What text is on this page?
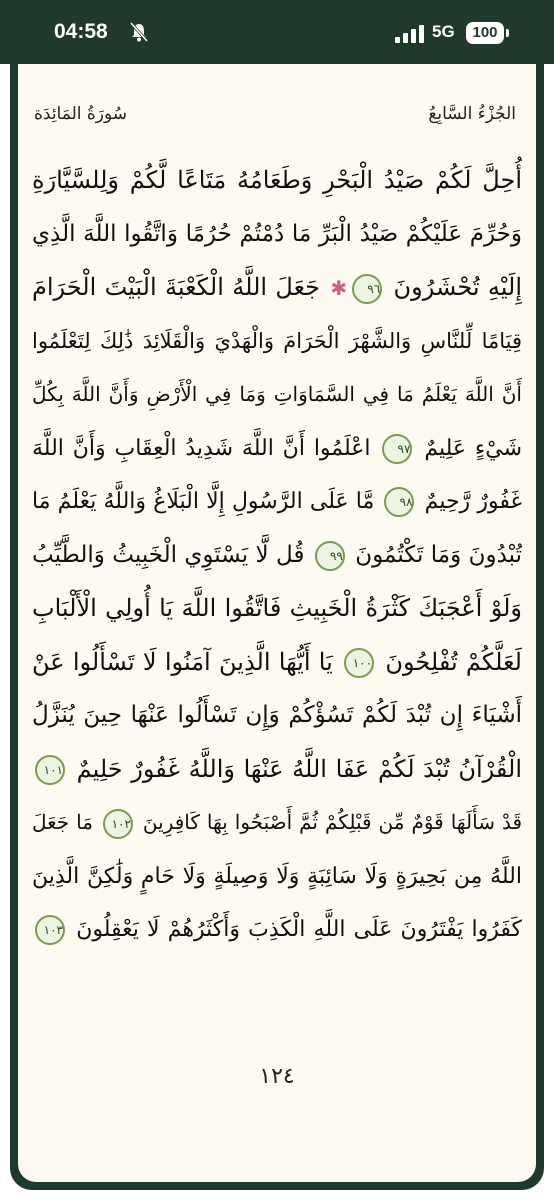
04:58	5G	100
الجُزْءُ السَّابِعُ
سُورَةُ المَائِدَة
أُحِلَّ لَكُمْ صَيْدُ الْبَحْرِ وَطَعَامُهُ مَتَاعًا لَّكُمْ وَلِلسَّيَّارَةِ
وَحُرِّمَ عَلَيْكُمْ صَيْدُ الْبَرِّ مَا دُمْتُمْ حُرُمًا وَاتَّقُوا اللَّهَ الَّذِي
إِلَيْهِ تُحْشَرُونَ ٩٦✱ جَعَلَ اللَّهُ الْكَعْبَةَ الْبَيْتَ الْحَرَامَ
قِيَامًا لِّلنَّاسِ وَالشَّهْرَ الْحَرَامَ وَالْهَدْيَ وَالْقَلَائِدَ ذَٰلِكَ لِتَعْلَمُوا
أَنَّ اللَّهَ يَعْلَمُ مَا فِي السَّمَاوَاتِ وَمَا فِي الْأَرْضِ وَأَنَّ اللَّهَ بِكُلِّ
شَيْءٍ عَلِيمٌ ٩٧ اعْلَمُوا أَنَّ اللَّهَ شَدِيدُ الْعِقَابِ وَأَنَّ اللَّهَ
غَفُورٌ رَّحِيمٌ ٩٨ مَّا عَلَى الرَّسُولِ إِلَّا الْبَلَاغُ وَاللَّهُ يَعْلَمُ مَا
تُبْدُونَ وَمَا تَكْتُمُونَ ٩٩ قُل لَّا يَسْتَوِي الْخَبِيثُ وَالطَّيِّبُ
وَلَوْ أَعْجَبَكَ كَثْرَةُ الْخَبِيثِ فَاتَّقُوا اللَّهَ يَا أُولِي الْأَلْبَابِ
لَعَلَّكُمْ تُفْلِحُونَ ١٠٠ يَا أَيُّهَا الَّذِينَ آمَنُوا لَا تَسْأَلُوا عَنْ
أَشْيَاءَ إِن تُبْدَ لَكُمْ تَسُؤْكُمْ وَإِن تَسْأَلُوا عَنْهَا حِينَ يُنَزَّلُ
الْقُرْآنُ تُبْدَ لَكُمْ عَفَا اللَّهُ عَنْهَا وَاللَّهُ غَفُورٌ حَلِيمٌ ١٠١
قَدْ سَأَلَهَا قَوْمٌ مِّن قَبْلِكُمْ ثُمَّ أَصْبَحُوا بِهَا كَافِرِينَ ١٠٢ مَا جَعَلَ
اللَّهُ مِن بَحِيرَةٍ وَلَا سَائِبَةٍ وَلَا وَصِيلَةٍ وَلَا حَامٍ وَلَٰكِنَّ الَّذِينَ
كَفَرُوا يَفْتَرُونَ عَلَى اللَّهِ الْكَذِبَ وَأَكْثَرُهُمْ لَا يَعْقِلُونَ ١٠٣
١٢٤
